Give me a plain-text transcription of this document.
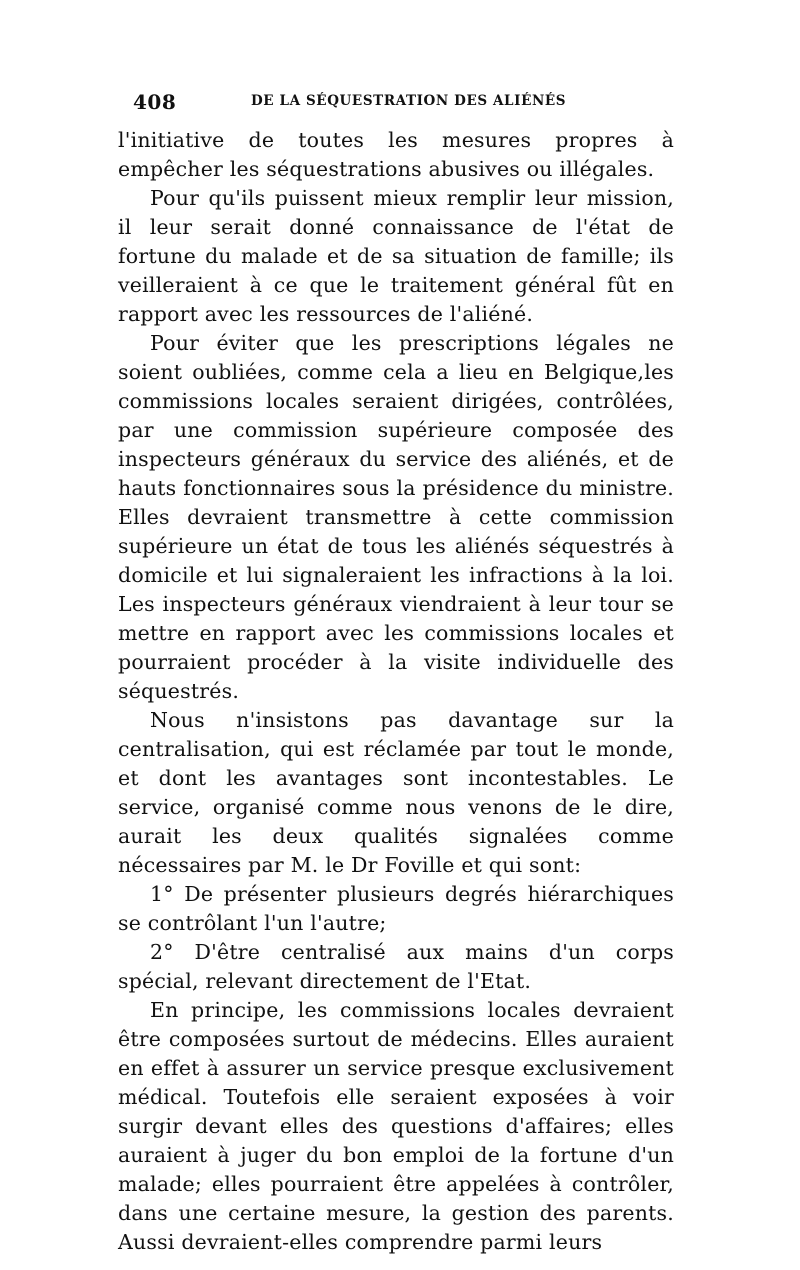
408	DE LA SÉQUESTRATION DES ALIÉNÉS

l'initiative de toutes les mesures propres à empêcher les séquestrations abusives ou illégales.

Pour qu'ils puissent mieux remplir leur mission, il leur serait donné connaissance de l'état de fortune du malade et de sa situation de famille; ils veilleraient à ce que le traitement général fût en rapport avec les ressources de l'aliéné.

Pour éviter que les prescriptions légales ne soient oubliées, comme cela a lieu en Belgique,les commissions locales seraient dirigées, contrôlées, par une commission supérieure composée des inspecteurs généraux du service des aliénés, et de hauts fonctionnaires sous la présidence du ministre. Elles devraient transmettre à cette commission supérieure un état de tous les aliénés séquestrés à domicile et lui signaleraient les infractions à la loi. Les inspecteurs généraux viendraient à leur tour se mettre en rapport avec les commissions locales et pourraient procéder à la visite individuelle des séquestrés.

Nous n'insistons pas davantage sur la centralisation, qui est réclamée par tout le monde, et dont les avantages sont incontestables. Le service, organisé comme nous venons de le dire, aurait les deux qualités signalées comme nécessaires par M. le Dr Foville et qui sont:

1° De présenter plusieurs degrés hiérarchiques se contrôlant l'un l'autre;

2° D'être centralisé aux mains d'un corps spécial, relevant directement de l'Etat.

En principe, les commissions locales devraient être composées surtout de médecins. Elles auraient en effet à assurer un service presque exclusivement médical. Toutefois elle seraient exposées à voir surgir devant elles des questions d'affaires; elles auraient à juger du bon emploi de la fortune d'un malade; elles pourraient être appelées à contrôler, dans une certaine mesure, la gestion des parents. Aussi devraient-elles comprendre parmi leurs
